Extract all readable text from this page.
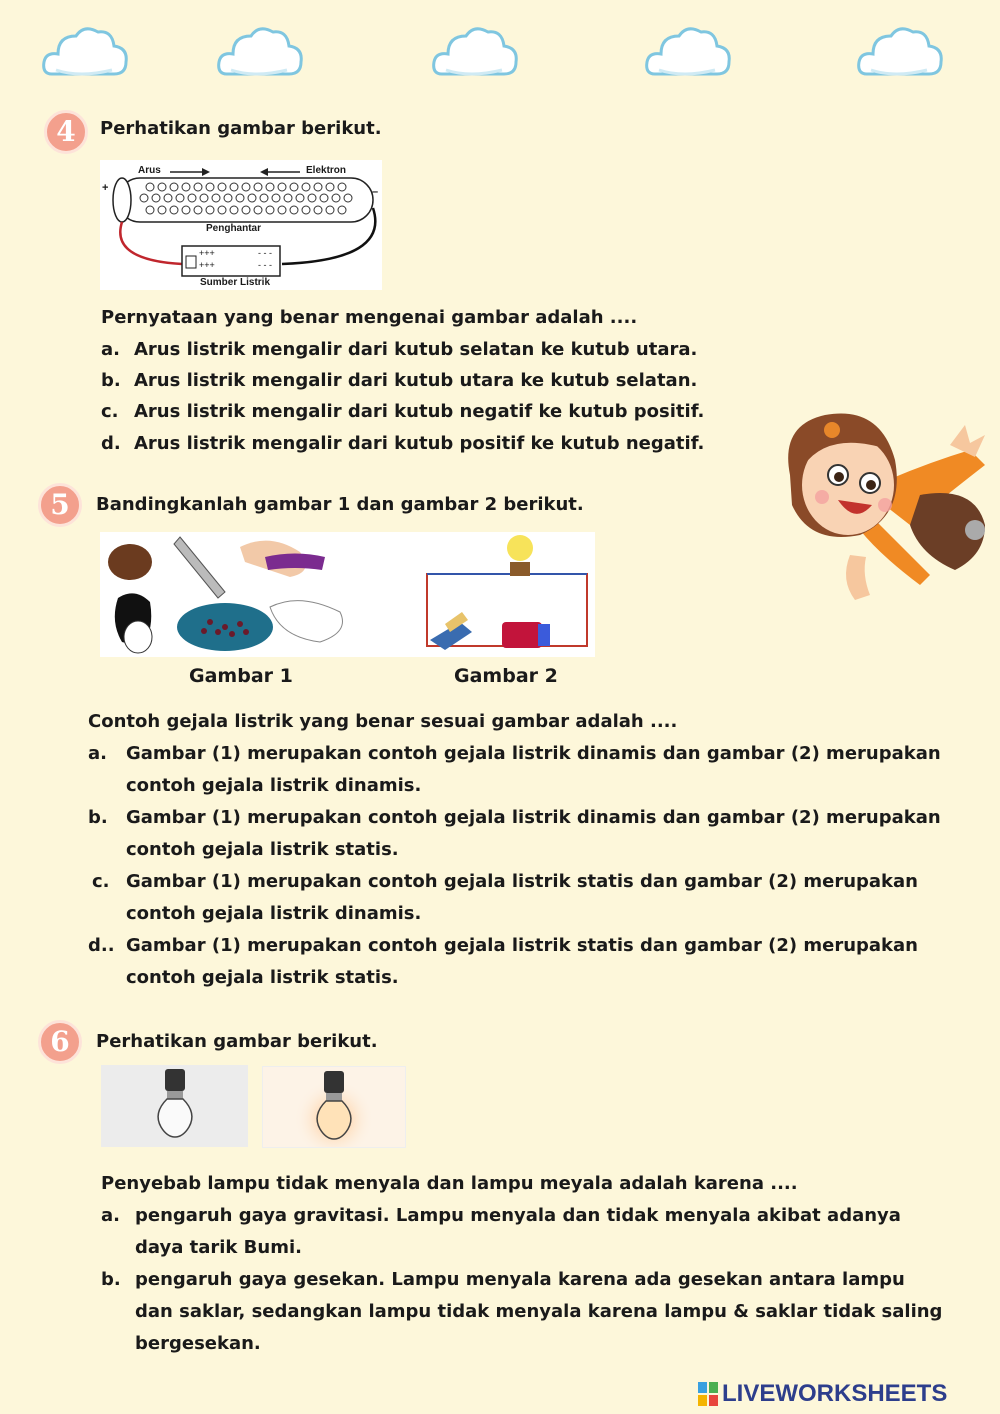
4	Perhatikan gambar berikut.
Arus	Elektron
+	–
Penghantar
+++
+++
- - -
- - -
Sumber Listrik
Pernyataan yang benar mengenai gambar adalah ....
a. Arus listrik mengalir dari kutub selatan ke kutub utara.
b. Arus listrik mengalir dari kutub utara ke kutub selatan.
c. Arus listrik mengalir dari kutub negatif ke kutub positif.
d. Arus listrik mengalir dari kutub positif ke kutub negatif.
5	Bandingkanlah gambar 1 dan gambar 2 berikut.
Gambar 1	Gambar 2
Contoh gejala listrik yang benar sesuai gambar adalah ....
a. Gambar (1) merupakan contoh gejala listrik dinamis dan gambar (2) merupakan
contoh gejala listrik dinamis.
b. Gambar (1) merupakan contoh gejala listrik dinamis dan gambar (2) merupakan
contoh gejala listrik statis.
c. Gambar (1) merupakan contoh gejala listrik statis dan gambar (2) merupakan
contoh gejala listrik dinamis.
d.. Gambar (1) merupakan contoh gejala listrik statis dan gambar (2) merupakan
contoh gejala listrik statis.
6	Perhatikan gambar berikut.
Penyebab lampu tidak menyala dan lampu meyala adalah karena ....
a. pengaruh gaya gravitasi. Lampu menyala dan tidak menyala akibat adanya
daya tarik Bumi.
b. pengaruh gaya gesekan. Lampu menyala karena ada gesekan antara lampu
dan saklar, sedangkan lampu tidak menyala karena lampu & saklar tidak saling
bergesekan.
LIVEWORKSHEETS
